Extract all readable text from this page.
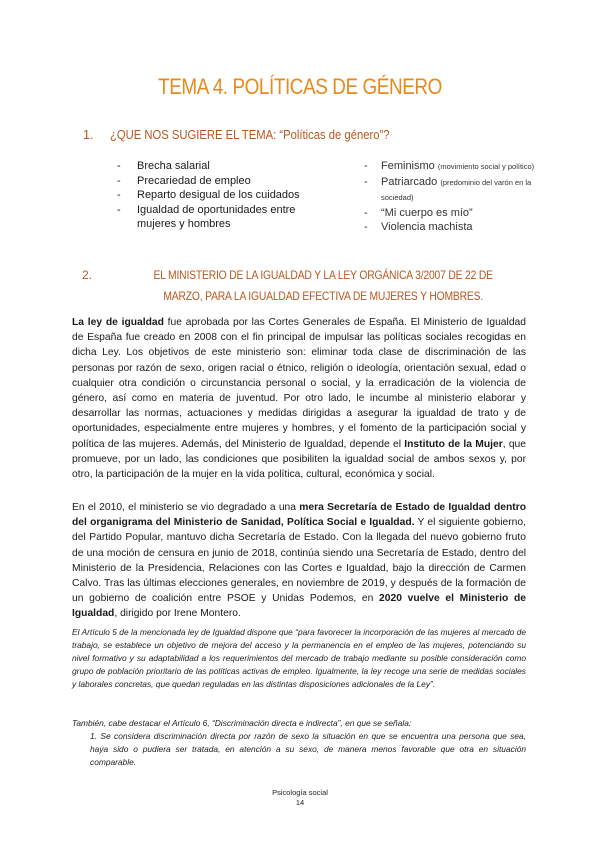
TEMA 4. POLÍTICAS DE GÉNERO
1. ¿QUE NOS SUGIERE EL TEMA: “Políticas de género”?
- Brecha salarial
- Precariedad de empleo
- Reparto desigual de los cuidados
- Igualdad de oportunidades entre mujeres y hombres
- Feminismo (movimiento social y político)
- Patriarcado (predominio del varón en la sociedad)
- “Mi cuerpo es mío”
- Violencia machista
2.	EL MINISTERIO DE LA IGUALDAD Y LA LEY ORGÁNICA 3/2007 DE 22 DE MARZO, PARA LA IGUALDAD EFECTIVA DE MUJERES Y HOMBRES.

La ley de igualdad fue aprobada por las Cortes Generales de España. El Ministerio de Igualdad de España fue creado en 2008 con el fin principal de impulsar las políticas sociales recogidas en dicha Ley. Los objetivos de este ministerio son: eliminar toda clase de discriminación de las personas por razón de sexo, origen racial o étnico, religión o ideología, orientación sexual, edad o cualquier otra condición o circunstancia personal o social, y la erradicación de la violencia de género, así como en materia de juventud. Por otro lado, le incumbe al ministerio elaborar y desarrollar las normas, actuaciones y medidas dirigidas a asegurar la igualdad de trato y de oportunidades, especialmente entre mujeres y hombres, y el fomento de la participación social y política de las mujeres. Además, del Ministerio de Igualdad, depende el Instituto de la Mujer, que promueve, por un lado, las condiciones que posibiliten la igualdad social de ambos sexos y, por otro, la participación de la mujer en la vida política, cultural, económica y social.

En el 2010, el ministerio se vio degradado a una mera Secretaría de Estado de Igualdad dentro del organigrama del Ministerio de Sanidad, Política Social e Igualdad. Y el siguiente gobierno, del Partido Popular, mantuvo dicha Secretaría de Estado. Con la llegada del nuevo gobierno fruto de una moción de censura en junio de 2018, continúa siendo una Secretaría de Estado, dentro del Ministerio de la Presidencia, Relaciones con las Cortes e Igualdad, bajo la dirección de Carmen Calvo. Tras las últimas elecciones generales, en noviembre de 2019, y después de la formación de un gobierno de coalición entre PSOE y Unidas Podemos, en 2020 vuelve el Ministerio de Igualdad, dirigido por Irene Montero.

El Artículo 5 de la mencionada ley de Igualdad dispone que “para favorecer la incorporación de las mujeres al mercado de trabajo, se establece un objetivo de mejora del acceso y la permanencia en el empleo de las mujeres, potenciando su nivel formativo y su adaptabilidad a los requerimientos del mercado de trabajo mediante su posible consideración como grupo de población prioritario de las políticas activas de empleo. Igualmente, la ley recoge una serie de medidas sociales y laborales concretas, que quedan reguladas en las distintas disposiciones adicionales de la Ley”.

También, cabe destacar el Artículo 6, “Discriminación directa e indirecta”, en que se señala:
1. Se considera discriminación directa por razón de sexo la situación en que se encuentra una persona que sea, haya sido o pudiera ser tratada, en atención a su sexo, de manera menos favorable que otra en situación comparable.
Psicología social
14
